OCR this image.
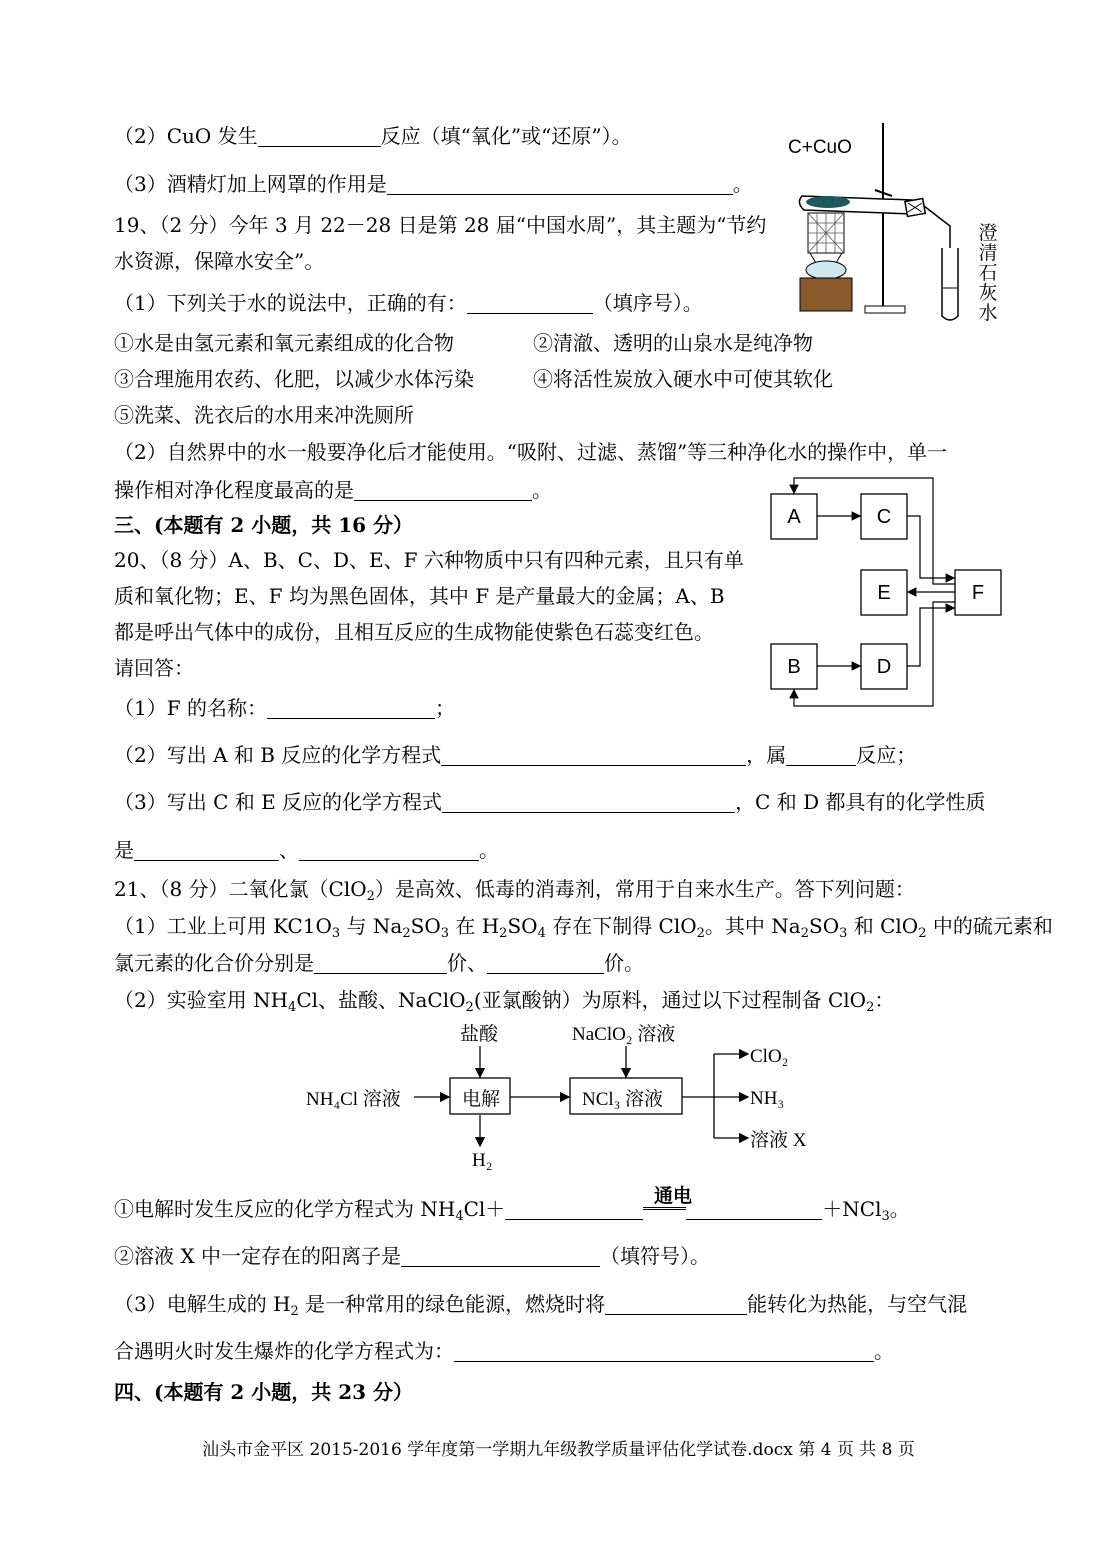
（2）CuO 发生	反应（填“氧化”或“还原”）。
（3）酒精灯加上网罩的作用是	。
C+CuO
澄
清
石
灰
水
19、（2 分）今年 3 月 22－28 日是第 28 届“中国水周”，其主题为“节约
水资源，保障水安全”。
（1）下列关于水的说法中，正确的有：	（填序号）。
①水是由氢元素和氧元素组成的化合物	②清澈、透明的山泉水是纯净物
③合理施用农药、化肥，以减少水体污染	④将活性炭放入硬水中可使其软化
⑤洗菜、洗衣后的水用来冲洗厕所
（2）自然界中的水一般要净化后才能使用。“吸附、过滤、蒸馏”等三种净化水的操作中，单一
操作相对净化程度最高的是	。
三、(本题有 2 小题，共 16 分）
20、（8 分）A、B、C、D、E、F 六种物质中只有四种元素，且只有单
质和氧化物；E、F 均为黑色固体，其中 F 是产量最大的金属；A、B
都是呼出气体中的成份，且相互反应的生成物能使紫色石蕊变红色。
请回答：
A	C
E	F
B	D
（1）F 的名称：	；
（2）写出 A 和 B 反应的化学方程式	，属	反应；
（3）写出 C 和 E 反应的化学方程式	，C 和 D 都具有的化学性质
是	、	。
21、（8 分）二氧化氯（ClO$_2$）是高效、低毒的消毒剂，常用于自来水生产。答下列问题：
（1）工业上可用 $KC1O_3$ 与 $Na_2SO_3$ 在 $H_2SO_4$ 存在下制得 ClO$_2$。其中 $Na_2SO_3$ 和 ClO$_2$ 中的硫元素和
氯元素的化合价分别是	价、	价。
（2）实验室用 $NH_4Cl$、盐酸、NaClO$_2$(亚氯酸钠）为原料，通过以下过程制备 ClO$_2$：
盐酸	NaClO₂ 溶液
NH₄Cl 溶液	电解	NCl₃ 溶液
H₂
ClO₂
NH₃
溶液 X
①电解时发生反应的化学方程式为 $NH_4Cl+$	＋NCl$_3$。
通电
②溶液 X 中一定存在的阳离子是	（填符号）。
（3）电解生成的 $H_2$ 是一种常用的绿色能源，燃烧时将	能转化为热能，与空气混
合遇明火时发生爆炸的化学方程式为：	。
四、(本题有 2 小题，共 23 分）
汕头市金平区 2015-2016 学年度第一学期九年级教学质量评估化学试卷.docx 第 4 页 共 8 页
